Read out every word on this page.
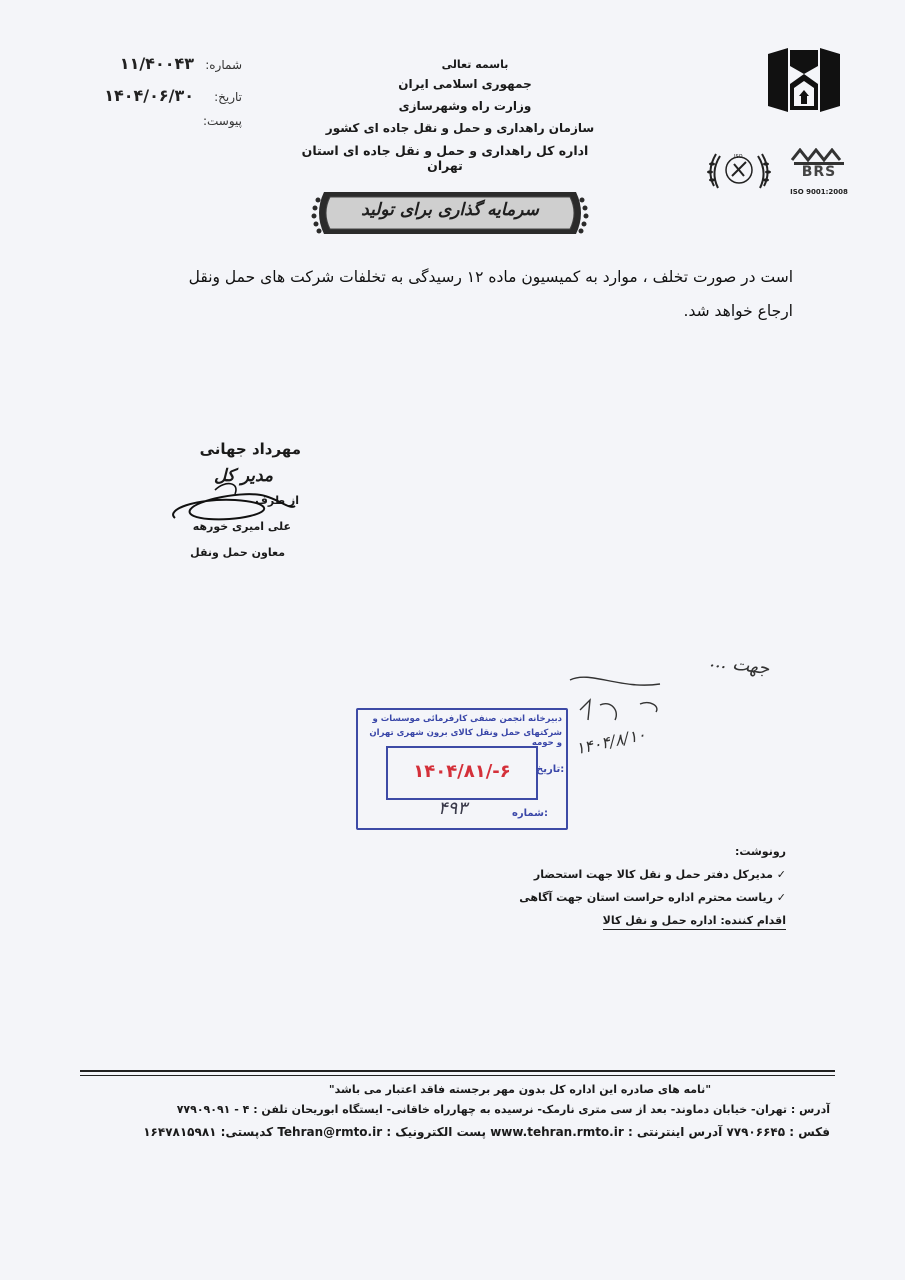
شماره:
۱۱/۴۰۰۴۳
تاریخ:
۱۴۰۴/۰۶/۳۰
پیوست:
باسمه تعالی
جمهوری اسلامی ایران
وزارت راه وشهرسازی
سازمان راهداری و حمل و نقل جاده ای کشور
اداره کل راهداری و حمل و نقل جاده ای استان تهران
سرمایه گذاری برای تولید
ISO
BRS
ISO 9001:2008
است در صورت تخلف ، موارد به کمیسیون ماده ۱۲ رسیدگی به تخلفات شرکت های حمل ونقل
ارجاع خواهد شد.
مهرداد جهانی
مدیر کل
از طرف
علی امیری خورهه
معاون حمل ونقل
جهت ...
۱۴۰۴/۸/۱۰
دبیرخانه انجمن صنفی کارفرمائی موسسات و
شرکتهای حمل ونقل کالای برون شهری تهران و حومه
۱۴۰۴/۸۱/-۶	تاریخ:
شماره:
۴۹۳
رونوشت:
✓ مدیرکل دفتر حمل و نقل کالا جهت استحضار
✓ ریاست محترم اداره حراست استان جهت آگاهی
اقدام کننده: اداره حمل و نقل کالا
"نامه های صادره این اداره کل بدون مهر برجسته فاقد اعتبار می باشد"
آدرس : تهران- خیابان دماوند- بعد از سی متری نارمک- نرسیده به چهارراه خاقانی- ایستگاه ابوریحان تلفن : ۴ - ۷۷۹۰۹۰۹۱
فکس : ۷۷۹۰۶۶۴۵ آدرس اینترنتی : www.tehran.rmto.ir پست الکترونیک : Tehran@rmto.ir کدپستی: ۱۶۴۷۸۱۵۹۸۱
